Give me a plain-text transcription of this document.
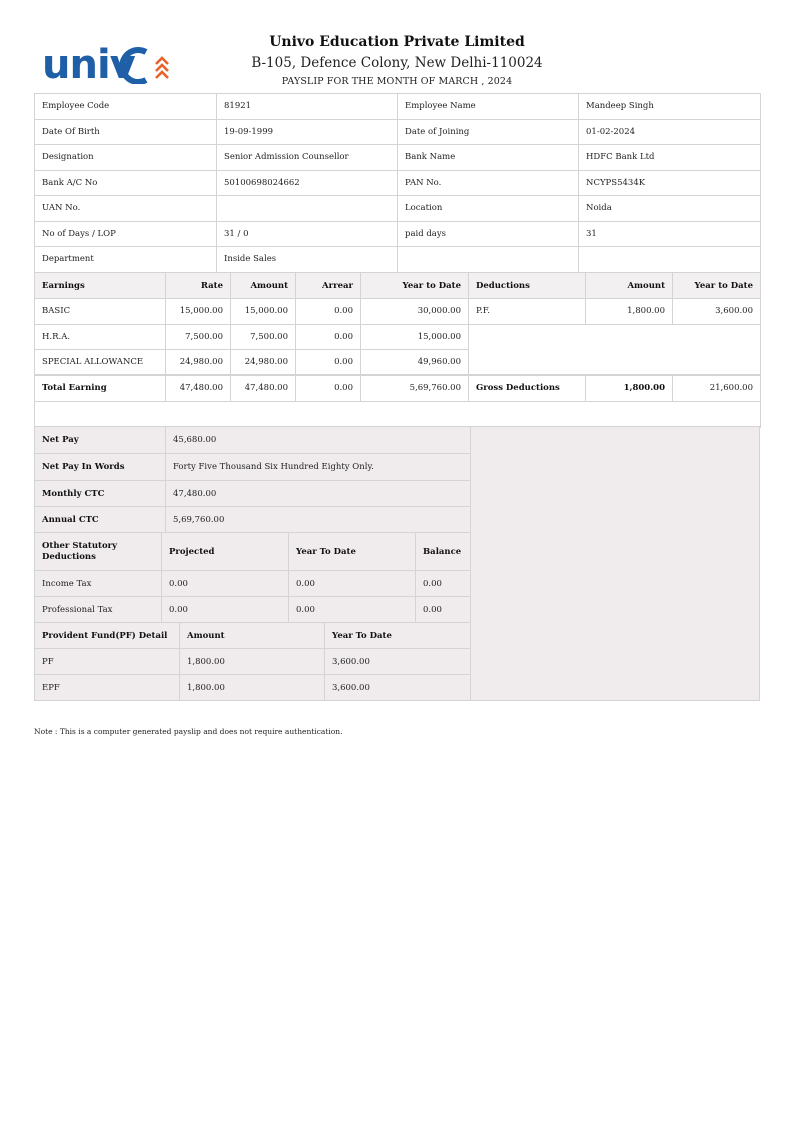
univ	Univo Education Private Limited
B-105, Defence Colony, New Delhi-110024
PAYSLIP FOR THE MONTH OF MARCH , 2024
Employee Code	81921	Employee Name	Mandeep Singh
Date Of Birth	19-09-1999	Date of Joining	01-02-2024
Designation	Senior Admission Counsellor	Bank Name	HDFC Bank Ltd
Bank A/C No	50100698024662	PAN No.	NCYPS5434K
UAN No.		Location	Noida
No of Days / LOP	31 / 0	paid days	31
Department	Inside Sales		
Earnings	Rate	Amount	Arrear	Year to Date	Deductions	Amount	Year to Date
BASIC	15,000.00	15,000.00	0.00	30,000.00	P.F.	1,800.00	3,600.00
H.R.A.	7,500.00	7,500.00	0.00	15,000.00			
SPECIAL ALLOWANCE	24,980.00	24,980.00	0.00	49,960.00			
Total Earning	47,480.00	47,480.00	0.00	5,69,760.00	Gross Deductions	1,800.00	21,600.00

Net Pay	45,680.00
Net Pay In Words	Forty Five Thousand Six Hundred Eighty Only.
Monthly CTC	47,480.00
Annual CTC	5,69,760.00
Other Statutory Deductions	Projected	Year To Date	Balance
Income Tax	0.00	0.00	0.00
Professional Tax	0.00	0.00	0.00
Provident Fund(PF) Detail	Amount	Year To Date
PF	1,800.00	3,600.00
EPF	1,800.00	3,600.00
Note : This is a computer generated payslip and does not require authentication.
